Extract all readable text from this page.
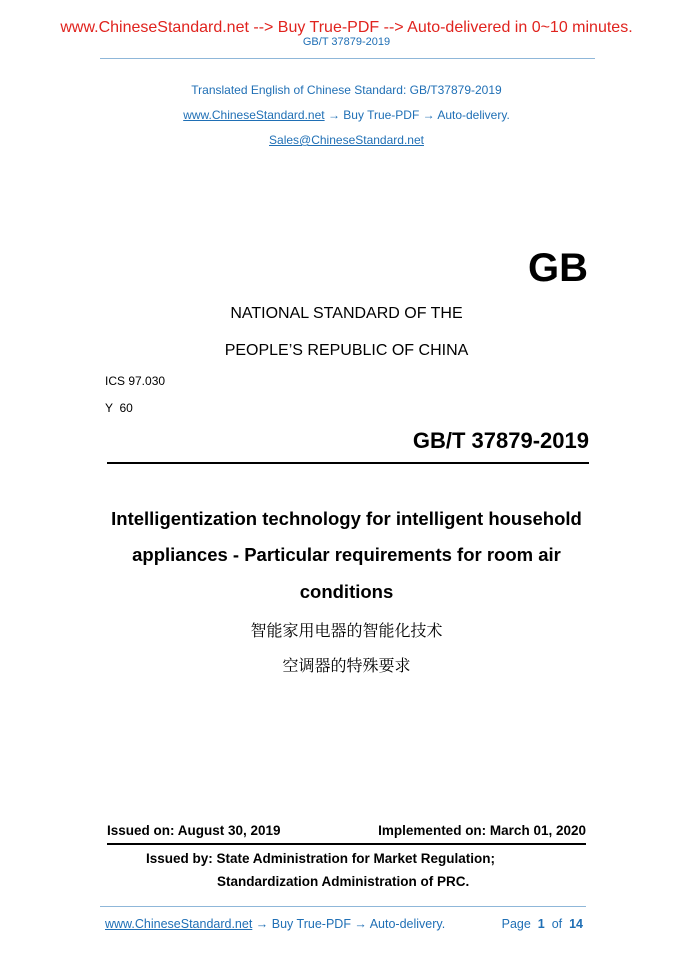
www.ChineseStandard.net --> Buy True-PDF --> Auto-delivered in 0~10 minutes.
GB/T 37879-2019
Translated English of Chinese Standard: GB/T37879-2019
www.ChineseStandard.net → Buy True-PDF → Auto-delivery.
Sales@ChineseStandard.net
GB
NATIONAL STANDARD OF THE
PEOPLE’S REPUBLIC OF CHINA
ICS 97.030
Y  60
GB/T 37879-2019
Intelligentization technology for intelligent household
appliances - Particular requirements for room air
conditions
智能家用电器的智能化技术
空调器的特殊要求
Issued on: August 30, 2019	Implemented on: March 01, 2020
Issued by: State Administration for Market Regulation;
Standardization Administration of PRC.
www.ChineseStandard.net → Buy True-PDF → Auto-delivery.	Page 1 of 14
